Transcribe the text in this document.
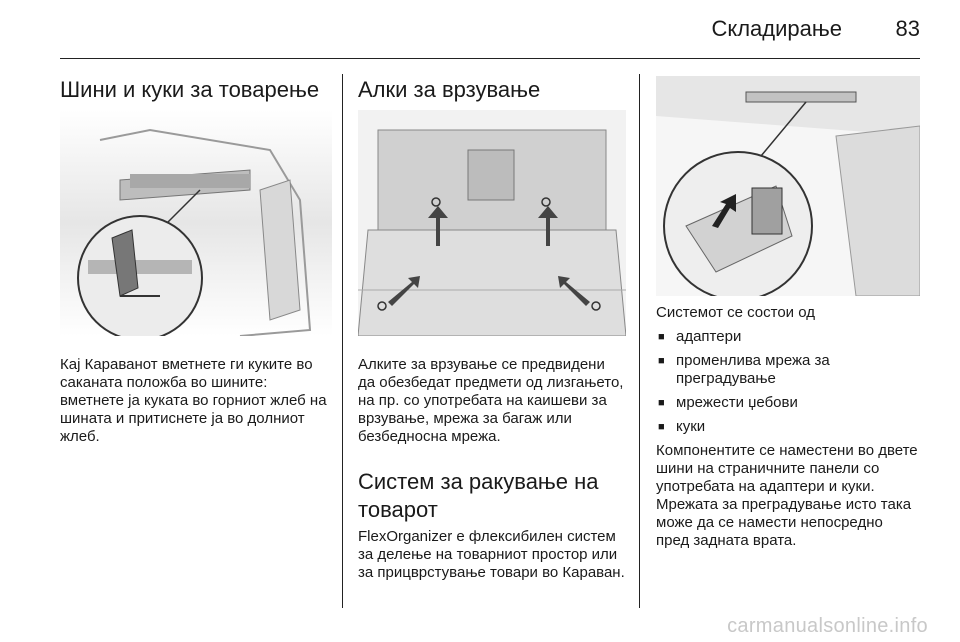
Складирање 83
Шини и куки за товарење

Кај Караванот вметнете ги куките во саканата положба во шините: вметнете ја куката во горниот жлеб на шината и притиснете ја во долниот жлеб.

Алки за врзување

Алките за врзување се предвидени да обезбедат предмети од лизгањето, на пр. со употребата на каишеви за врзување, мрежа за багаж или безбедносна мрежа.

Систем за ракување на товарот

FlexOrganizer е флексибилен систем за делење на товарниот простор или за прицврстување товари во Караван.

Системот се состои од

■ адаптери
■ променлива мрежа за преградување
■ мрежести џебови
■ куки

Компонентите се наместени во двете шини на страничните панели со употребата на адаптери и куки. Мрежата за преградување исто така може да се намести непосредно пред задната врата.

carmanualsonline.info
